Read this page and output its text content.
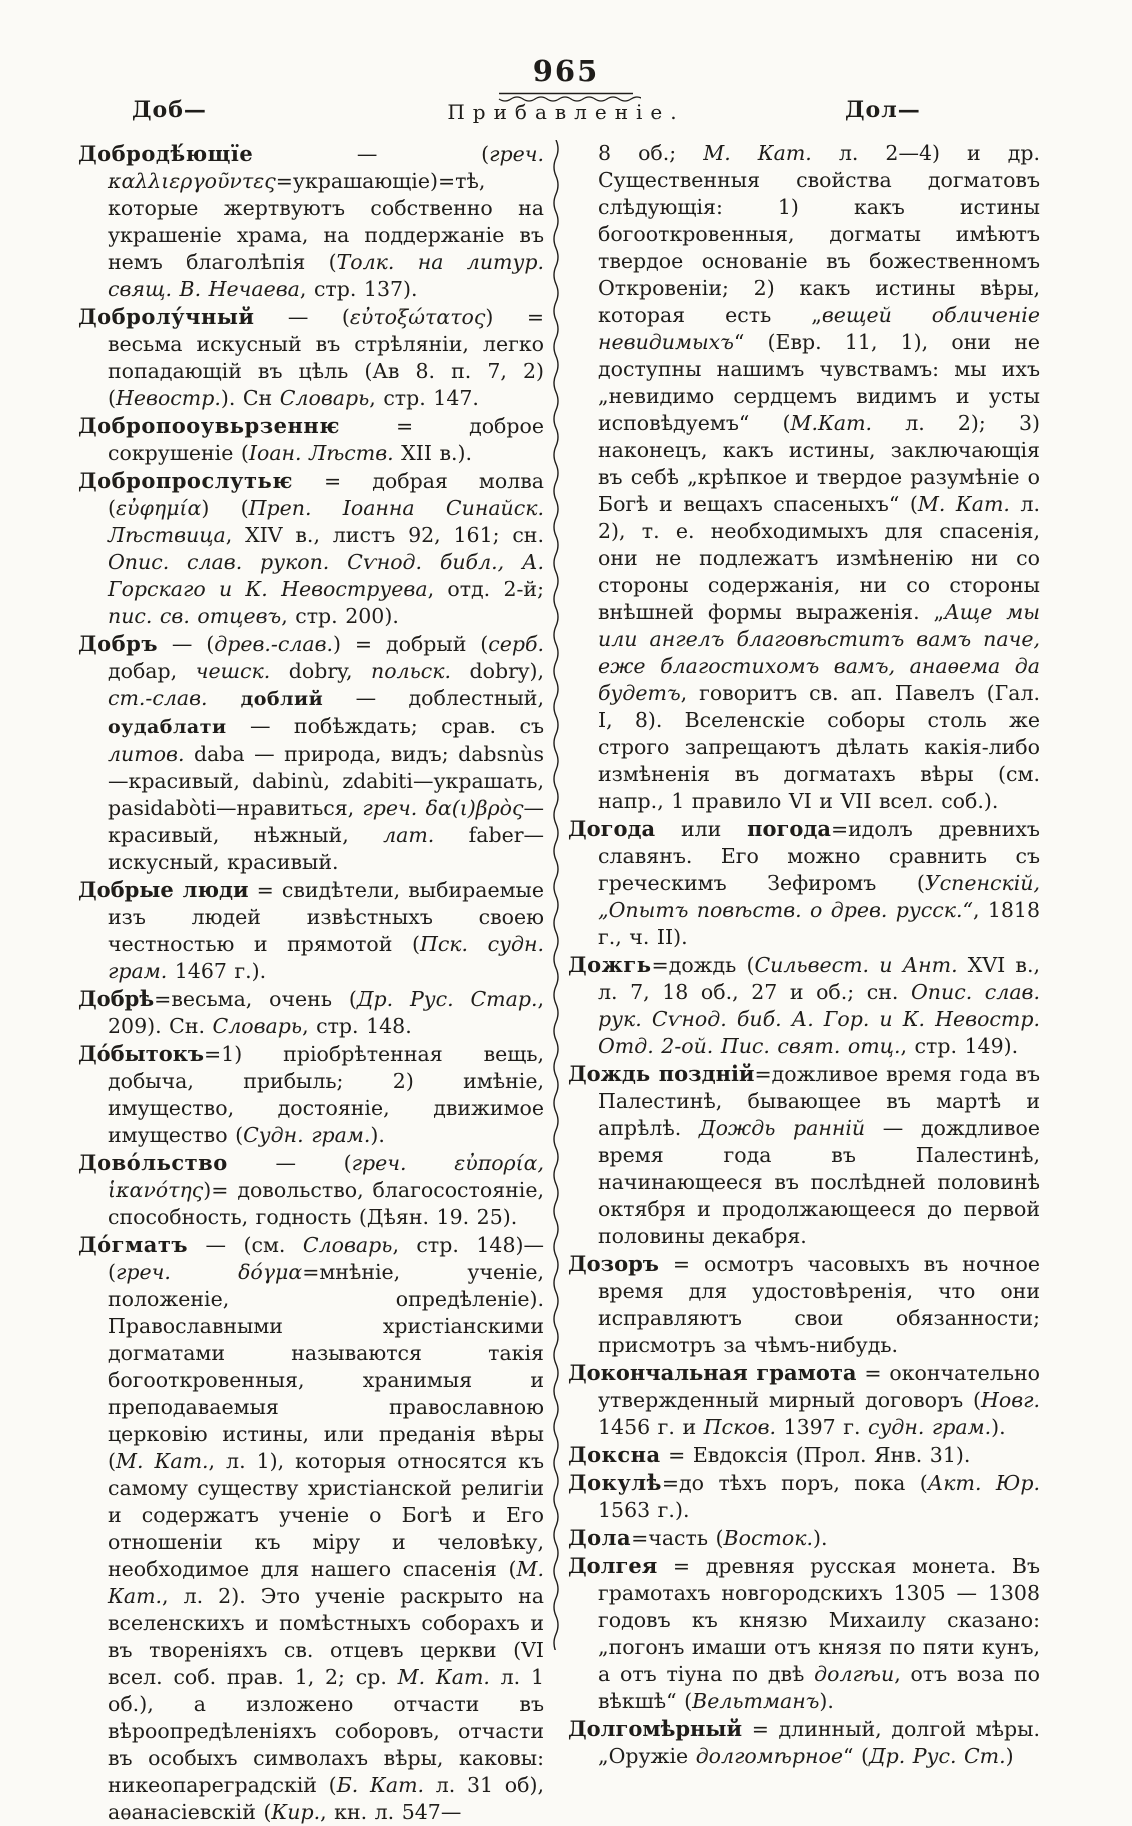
965
Доб—	Прибавленіе.	Дол—

Добродѣ́ющїе — (греч. καλλιεργοῦντες=украшающіе)=тѣ, которые жертвуютъ собственно на украшеніе храма, на поддержаніе въ немъ благолѣпія (Толк. на литур. свящ. В. Нечаева, стр. 137).

Добролу́чный — (εὐτοξώτατος) = весьма искусный въ стрѣляніи, легко попадающій въ цѣль (Ав 8. п. 7, 2) (Невостр.). Сн Словарь, стр. 147.

Добропооувьрзеннѥ = доброе сокрушеніе (Іоан. Лѣств. XII в.).

Добропрослутьѥ = добрая молва (εὐφημία) (Преп. Іоанна Синайск. Лѣствица, XIV в., листъ 92, 161; сн. Опис. слав. рукоп. Сѵнод. библ., А. Горскаго и К. Невоструева, отд. 2-й; пис. св. отцевъ, стр. 200).

Добръ — (древ.-слав.) = добрый (серб. добар, чешск. dobry, польск. dobry), ст.-слав. доблий — доблестный, оудаблати — побѣждать; срав. съ литов. daba — природа, видъ; dabsnùs—красивый, dabinù, zdabiti—украшать, pasidabòti—нравиться, греч. δα(ι)βρὸς—красивый, нѣжный, лат. faber—искусный, красивый.

Добрые люди = свидѣтели, выбираемые изъ людей извѣстныхъ своею честностью и прямотой (Пск. судн. грам. 1467 г.).

Добрѣ=весьма, очень (Др. Рус. Стар., 209). Сн. Словарь, стр. 148.

До́бытокъ=1) пріобрѣтенная вещь, добыча, прибыль; 2) имѣніе, имущество, достояніе, движимое имущество (Судн. грам.).

Дово́льство — (греч. εὐπορία, ἱκανότης)= довольство, благосостояніе, способность, годность (Дѣян. 19. 25).

До́гматъ — (см. Словарь, стр. 148)— (греч. δόγμα=мнѣніе, ученіе, положеніе, опредѣленіе). Православными христіанскими догматами называются такія богооткровенныя, хранимыя и преподаваемыя православною церковію истины, или преданія вѣры (М. Кат., л. 1), которыя относятся къ самому существу христіанской религіи и содержатъ ученіе о Богѣ и Его отношеніи къ міру и человѣку, необходимое для нашего спасенія (М. Кат., л. 2). Это ученіе раскрыто на вселенскихъ и помѣстныхъ соборахъ и въ твореніяхъ св. отцевъ церкви (VI всел. соб. прав. 1, 2; ср. М. Кат. л. 1 об.), а изложено отчасти въ вѣроопредѣленіяхъ соборовъ, отчасти въ особыхъ символахъ вѣры, каковы: никеопареградскій (Б. Кат. л. 31 об), аѳанасіевскій (Кир., кн. л. 547—

8 об.; М. Кат. л. 2—4) и др. Существенныя свойства догматовъ слѣдующія: 1) какъ истины богооткровенныя, догматы имѣютъ твердое основаніе въ божественномъ Откровеніи; 2) какъ истины вѣры, которая есть „вещей обличеніе невидимыхъ“ (Евр. 11, 1), они не доступны нашимъ чувствамъ: мы ихъ „невидимо сердцемъ видимъ и усты исповѣдуемъ“ (М.Кат. л. 2); 3) наконецъ, какъ истины, заключающія въ себѣ „крѣпкое и твердое разумѣніе о Богѣ и вещахъ спасеныхъ“ (М. Кат. л. 2), т. е. необходимыхъ для спасенія, они не подлежатъ измѣненію ни со стороны содержанія, ни со стороны внѣшней формы выраженія. „Аще мы или ангелъ благовѣститъ вамъ паче, еже благостихомъ вамъ, анаѳема да будетъ, говоритъ св. ап. Павелъ (Гал. I, 8). Вселенскіе соборы столь же строго запрещаютъ дѣлать какія-либо измѣненія въ догматахъ вѣры (см. напр., 1 правило VI и VII всел. соб.).

Догода или погода=идолъ древнихъ славянъ. Его можно сравнить съ греческимъ Зефиромъ (Успенскій, „Опытъ повѣств. о древ. русск.“, 1818 г., ч. II).

Дожгь=дождь (Сильвест. и Ант. XVI в., л. 7, 18 об., 27 и об.; сн. Опис. слав. рук. Сѵнод. биб. А. Гор. и К. Невостр. Отд. 2-ой. Пис. свят. отц., стр. 149).

Дождь поздній=дожливое время года въ Палестинѣ, бывающее въ мартѣ и апрѣлѣ. Дождь ранній — дождливое время года въ Палестинѣ, начинающееся въ послѣдней половинѣ октября и продолжающееся до первой половины декабря.

Дозоръ = осмотръ часовыхъ въ ночное время для удостовѣренія, что они исправляютъ свои обязанности; присмотръ за чѣмъ-нибудь.

Докончальная грамота = окончательно утвержденный мирный договоръ (Новг. 1456 г. и Псков. 1397 г. судн. грам.).

Доксна = Евдоксія (Прол. Янв. 31).

Докулѣ=до тѣхъ поръ, пока (Акт. Юр. 1563 г.).

Дола=часть (Восток.).

Долгея = древняя русская монета. Въ грамотахъ новгородскихъ 1305 — 1308 годовъ къ князю Михаилу сказано: „погонъ имаши отъ князя по пяти кунъ, а отъ тіуна по двѣ долгѣи, отъ воза по вѣкшѣ“ (Вельтманъ).

Долгомѣрный = длинный, долгой мѣры. „Оружіе долгомѣрное“ (Др. Рус. Ст.)
